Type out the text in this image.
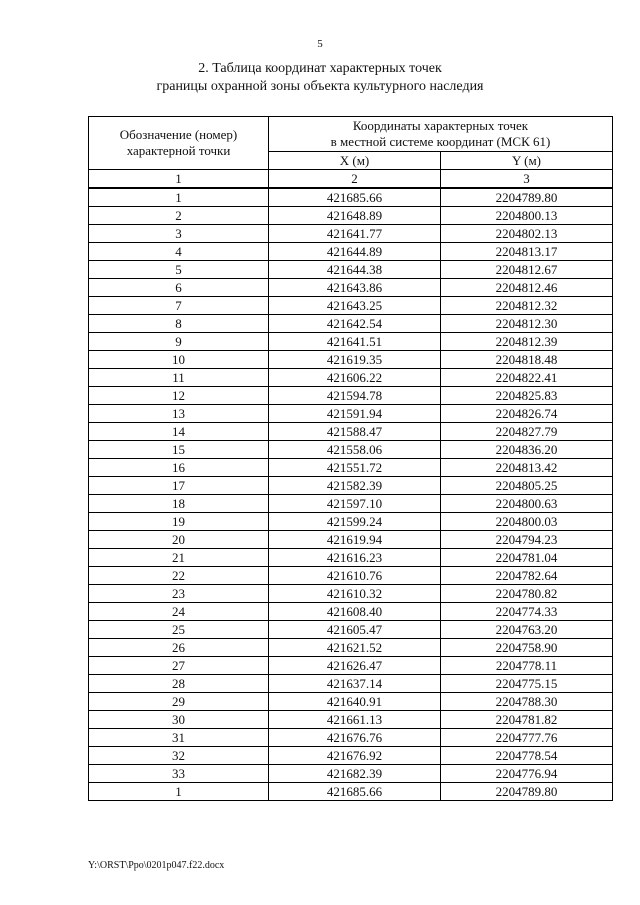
5
2. Таблица координат характерных точек
границы охранной зоны объекта культурного наследия
Обозначение (номер)
характерной точки	Координаты характерных точек
в местной системе координат (МСК 61)	
	X (м)	Y (м)
1	2	3
1	421685.66	2204789.80
2	421648.89	2204800.13
3	421641.77	2204802.13
4	421644.89	2204813.17
5	421644.38	2204812.67
6	421643.86	2204812.46
7	421643.25	2204812.32
8	421642.54	2204812.30
9	421641.51	2204812.39
10	421619.35	2204818.48
11	421606.22	2204822.41
12	421594.78	2204825.83
13	421591.94	2204826.74
14	421588.47	2204827.79
15	421558.06	2204836.20
16	421551.72	2204813.42
17	421582.39	2204805.25
18	421597.10	2204800.63
19	421599.24	2204800.03
20	421619.94	2204794.23
21	421616.23	2204781.04
22	421610.76	2204782.64
23	421610.32	2204780.82
24	421608.40	2204774.33
25	421605.47	2204763.20
26	421621.52	2204758.90
27	421626.47	2204778.11
28	421637.14	2204775.15
29	421640.91	2204788.30
30	421661.13	2204781.82
31	421676.76	2204777.76
32	421676.92	2204778.54
33	421682.39	2204776.94
1	421685.66	2204789.80
Y:\ORST\Ppo\0201p047.f22.docx
